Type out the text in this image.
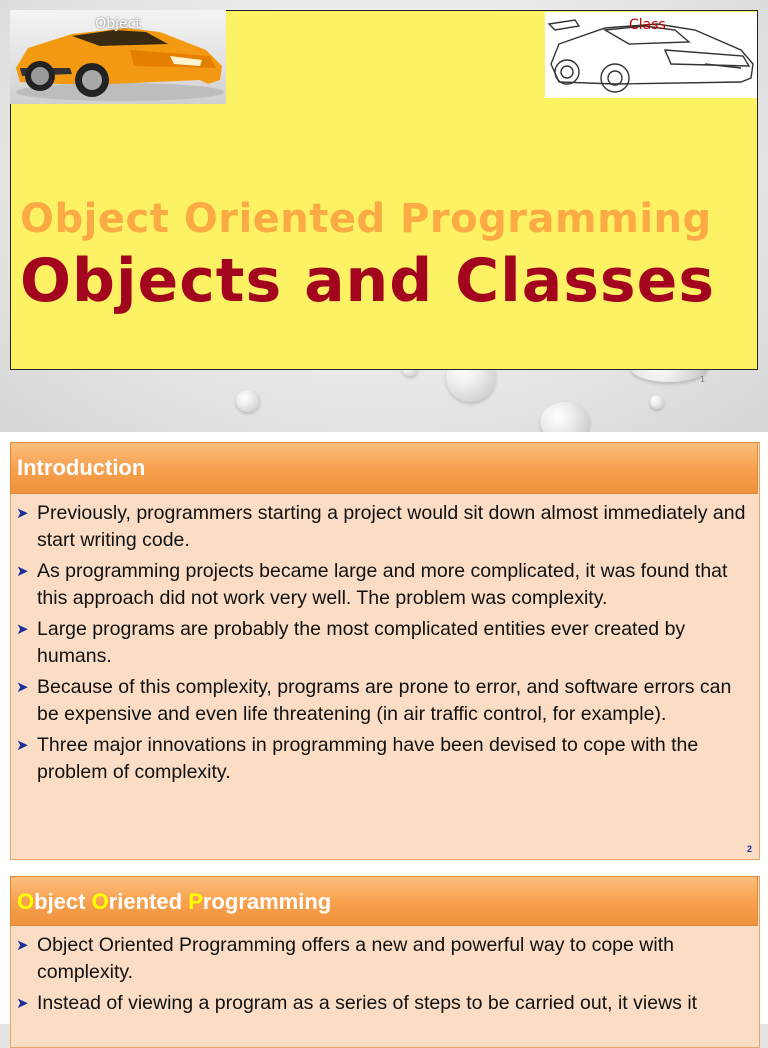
Object	Class
Object Oriented Programming
Objects and Classes
1
Introduction
➤ Previously, programmers starting a project would sit down almost immediately and start writing code.
➤ As programming projects became large and more complicated, it was found that this approach did not work very well. The problem was complexity.
➤ Large programs are probably the most complicated entities ever created by humans.
➤ Because of this complexity, programs are prone to error, and software errors can be expensive and even life threatening (in air traffic control, for example).
➤ Three major innovations in programming have been devised to cope with the problem of complexity.
2
Object Oriented Programming
➤ Object Oriented Programming offers a new and powerful way to cope with complexity.
➤ Instead of viewing a program as a series of steps to be carried out, it views it
